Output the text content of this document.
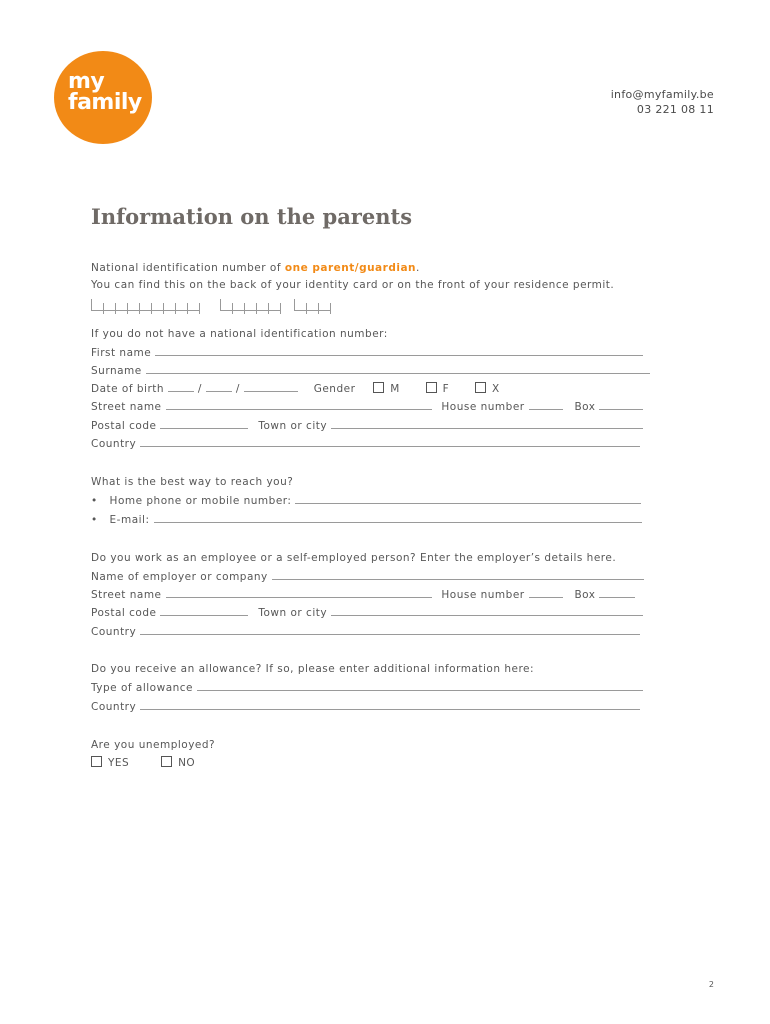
my
family	info@myfamily.be
03 221 08 11
Information on the parents
National identification number of one parent/guardian.
You can find this on the back of your identity card or on the front of your residence permit.
If you do not have a national identification number:
First name
Surname
Date of birth	/	/	Gender	M	F	X
Street name	House number	Box
Postal code	Town or city
Country
What is the best way to reach you?
• Home phone or mobile number:
• E-mail:
Do you work as an employee or a self-employed person? Enter the employer’s details here.
Name of employer or company
Street name	House number	Box
Postal code	Town or city
Country
Do you receive an allowance? If so, please enter additional information here:
Type of allowance
Country
Are you unemployed?
YES	NO
2
